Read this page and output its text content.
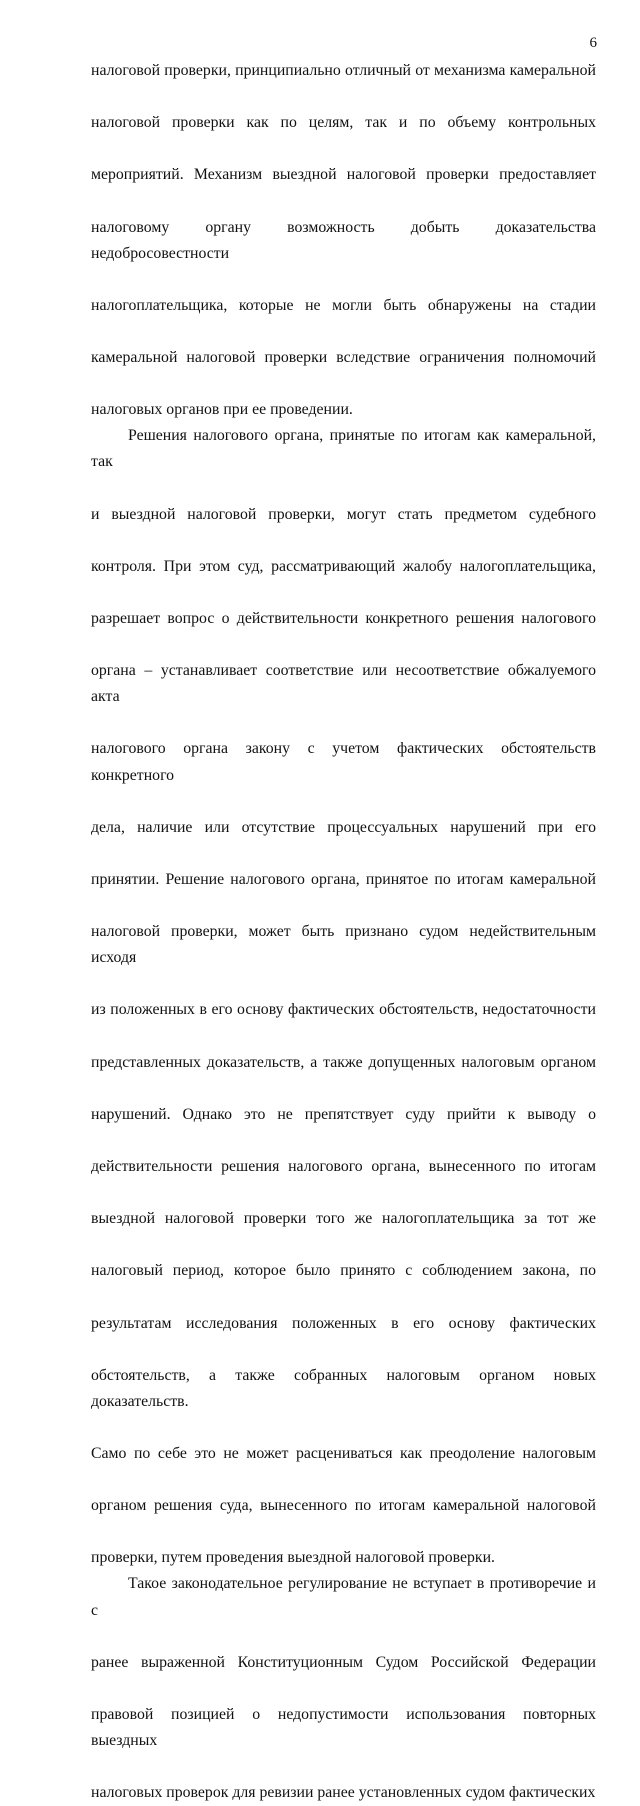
6

налоговой проверки, принципиально отличный от механизма камеральнойналоговой проверки как по целям, так и по объему контрольныхмероприятий. Механизм выездной налоговой проверки предоставляетналоговому органу возможность добыть доказательства недобросовестностиналогоплательщика, которые не могли быть обнаружены на стадиикамеральной налоговой проверки вследствие ограничения полномочийналоговых органов при ее проведении.

Решения налогового органа, принятые по итогам как камеральной, таки выездной налоговой проверки, могут стать предметом судебногоконтроля. При этом суд, рассматривающий жалобу налогоплательщика,разрешает вопрос о действительности конкретного решения налоговогооргана – устанавливает соответствие или несоответствие обжалуемого актаналогового органа закону с учетом фактических обстоятельств конкретногодела, наличие или отсутствие процессуальных нарушений при егопринятии. Решение налогового органа, принятое по итогам камеральнойналоговой проверки, может быть признано судом недействительным исходяиз положенных в его основу фактических обстоятельств, недостаточностипредставленных доказательств, а также допущенных налоговым органомнарушений. Однако это не препятствует суду прийти к выводу одействительности решения налогового органа, вынесенного по итогамвыездной налоговой проверки того же налогоплательщика за тот женалоговый период, которое было принято с соблюдением закона, порезультатам исследования положенных в его основу фактическихобстоятельств, а также собранных налоговым органом новых доказательств.Само по себе это не может расцениваться как преодоление налоговыморганом решения суда, вынесенного по итогам камеральной налоговойпроверки, путем проведения выездной налоговой проверки.

Такое законодательное регулирование не вступает в противоречие и сранее выраженной Конституционным Судом Российской Федерацииправовой позицией о недопустимости использования повторных выездныхналоговых проверок для ревизии ранее установленных судом фактических
